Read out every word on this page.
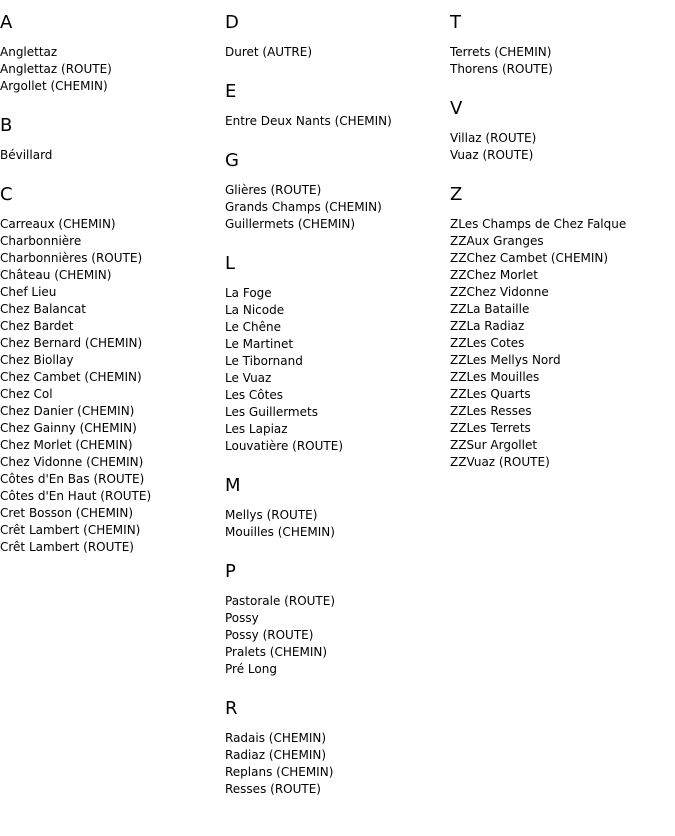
A
Anglettaz
Anglettaz (ROUTE)
Argollet (CHEMIN)
B
Bévillard
C
Carreaux (CHEMIN)
Charbonnière
Charbonnières (ROUTE)
Château (CHEMIN)
Chef Lieu
Chez Balancat
Chez Bardet
Chez Bernard (CHEMIN)
Chez Biollay
Chez Cambet (CHEMIN)
Chez Col
Chez Danier (CHEMIN)
Chez Gainny (CHEMIN)
Chez Morlet (CHEMIN)
Chez Vidonne (CHEMIN)
Côtes d'En Bas (ROUTE)
Côtes d'En Haut (ROUTE)
Cret Bosson (CHEMIN)
Crêt Lambert (CHEMIN)
Crêt Lambert (ROUTE)
D
Duret (AUTRE)
E
Entre Deux Nants (CHEMIN)
G
Glières (ROUTE)
Grands Champs (CHEMIN)
Guillermets (CHEMIN)
L
La Foge
La Nicode
Le Chêne
Le Martinet
Le Tibornand
Le Vuaz
Les Côtes
Les Guillermets
Les Lapiaz
Louvatière (ROUTE)
M
Mellys (ROUTE)
Mouilles (CHEMIN)
P
Pastorale (ROUTE)
Possy
Possy (ROUTE)
Pralets (CHEMIN)
Pré Long
R
Radais (CHEMIN)
Radiaz (CHEMIN)
Replans (CHEMIN)
Resses (ROUTE)
T
Terrets (CHEMIN)
Thorens (ROUTE)
V
Villaz (ROUTE)
Vuaz (ROUTE)
Z
ZLes Champs de Chez Falque
ZZAux Granges
ZZChez Cambet (CHEMIN)
ZZChez Morlet
ZZChez Vidonne
ZZLa Bataille
ZZLa Radiaz
ZZLes Cotes
ZZLes Mellys Nord
ZZLes Mouilles
ZZLes Quarts
ZZLes Resses
ZZLes Terrets
ZZSur Argollet
ZZVuaz (ROUTE)
